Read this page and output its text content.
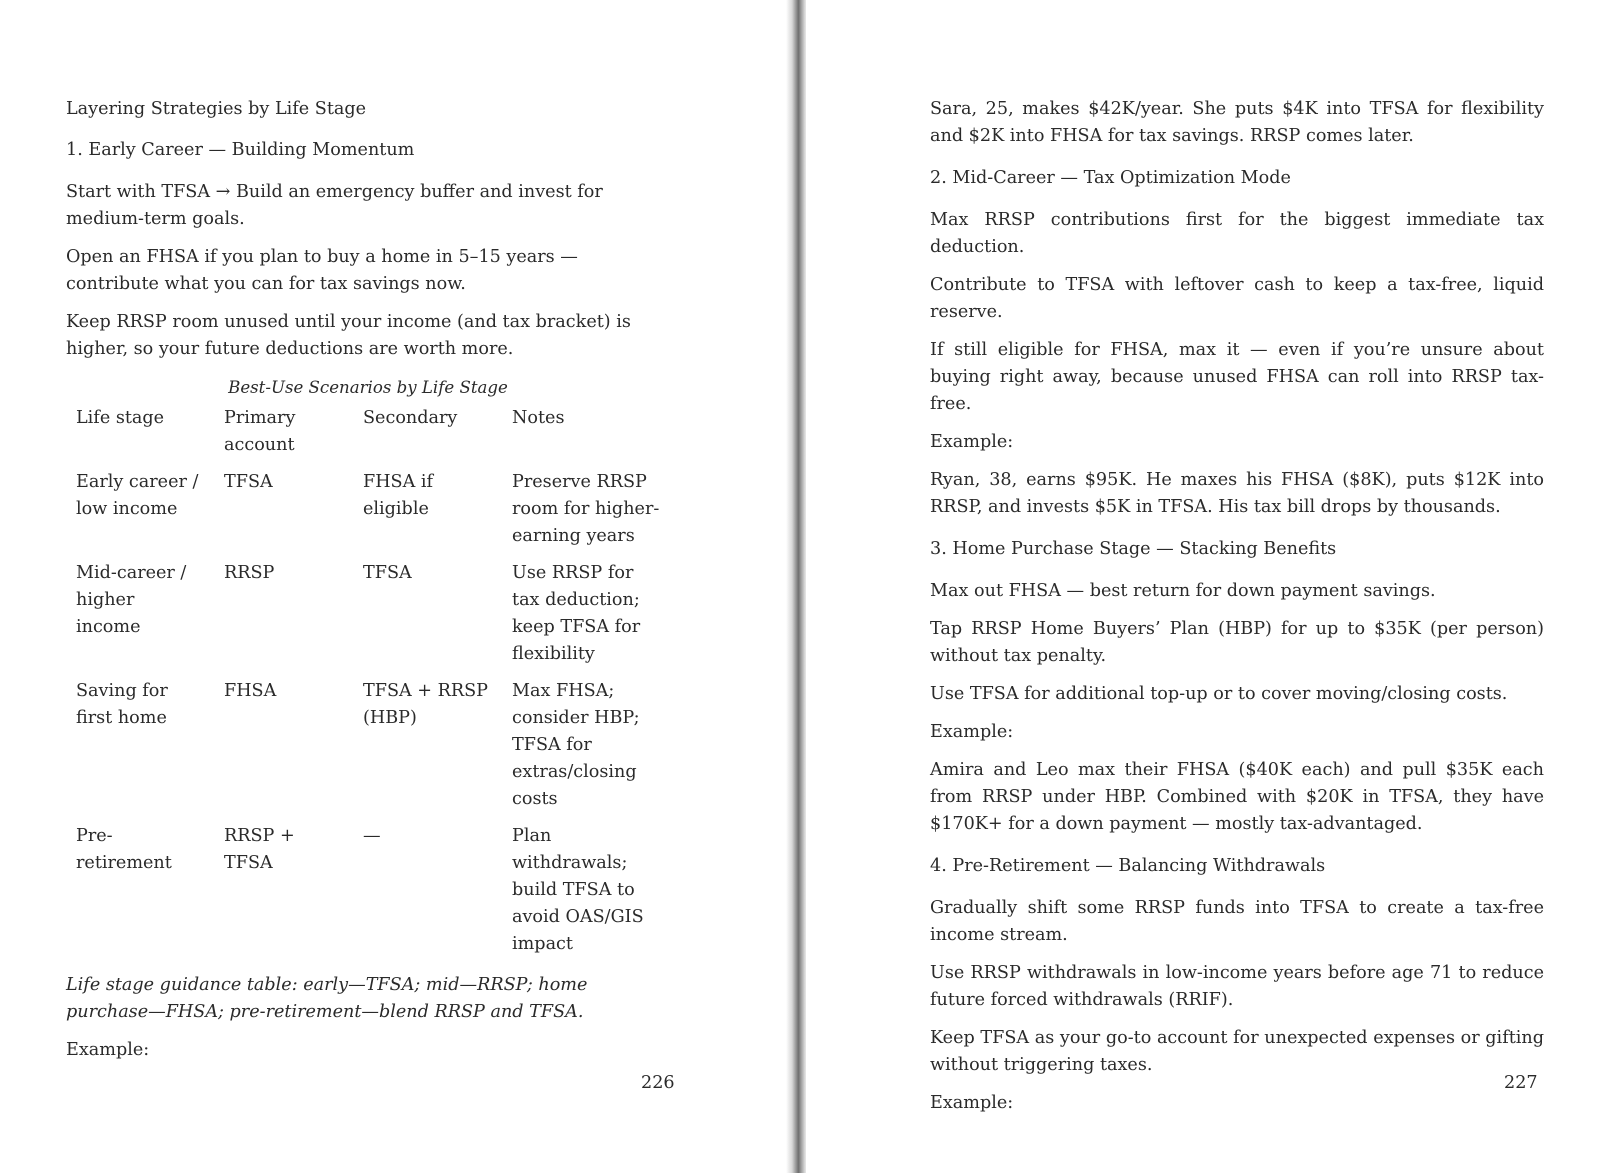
Layering Strategies by Life Stage

1. Early Career — Building Momentum

Start with TFSA → Build an emergency buffer and invest for medium-term goals.

Open an FHSA if you plan to buy a home in 5–15 years — contribute what you can for tax savings now.

Keep RRSP room unused until your income (and tax bracket) is higher, so your future deductions are worth more.

Best-Use Scenarios by Life Stage
Life stage	Primary account	Secondary	Notes
Early career / low income	TFSA	FHSA if eligible	Preserve RRSP room for higher-earning years
Mid-career / higher income	RRSP	TFSA	Use RRSP for tax deduction; keep TFSA for flexibility
Saving for first home	FHSA	TFSA + RRSP (HBP)	Max FHSA; consider HBP; TFSA for extras/closing costs
Pre-retirement	RRSP + TFSA	—	Plan withdrawals; build TFSA to avoid OAS/GIS impact

Life stage guidance table: early—TFSA; mid—RRSP; home purchase—FHSA; pre-retirement—blend RRSP and TFSA.

Example:

226

Sara, 25, makes $42K/year. She puts $4K into TFSA for flexibility and $2K into FHSA for tax savings. RRSP comes later.

2. Mid-Career — Tax Optimization Mode

Max RRSP contributions first for the biggest immediate tax deduction.

Contribute to TFSA with leftover cash to keep a tax-free, liquid reserve.

If still eligible for FHSA, max it — even if you’re unsure about buying right away, because unused FHSA can roll into RRSP tax-free.

Example:

Ryan, 38, earns $95K. He maxes his FHSA ($8K), puts $12K into RRSP, and invests $5K in TFSA. His tax bill drops by thousands.

3. Home Purchase Stage — Stacking Benefits

Max out FHSA — best return for down payment savings.

Tap RRSP Home Buyers’ Plan (HBP) for up to $35K (per person) without tax penalty.

Use TFSA for additional top-up or to cover moving/closing costs.

Example:

Amira and Leo max their FHSA ($40K each) and pull $35K each from RRSP under HBP. Combined with $20K in TFSA, they have $170K+ for a down payment — mostly tax-advantaged.

4. Pre-Retirement — Balancing Withdrawals

Gradually shift some RRSP funds into TFSA to create a tax-free income stream.

Use RRSP withdrawals in low-income years before age 71 to reduce future forced withdrawals (RRIF).

Keep TFSA as your go-to account for unexpected expenses or gifting without triggering taxes.

Example:

227
